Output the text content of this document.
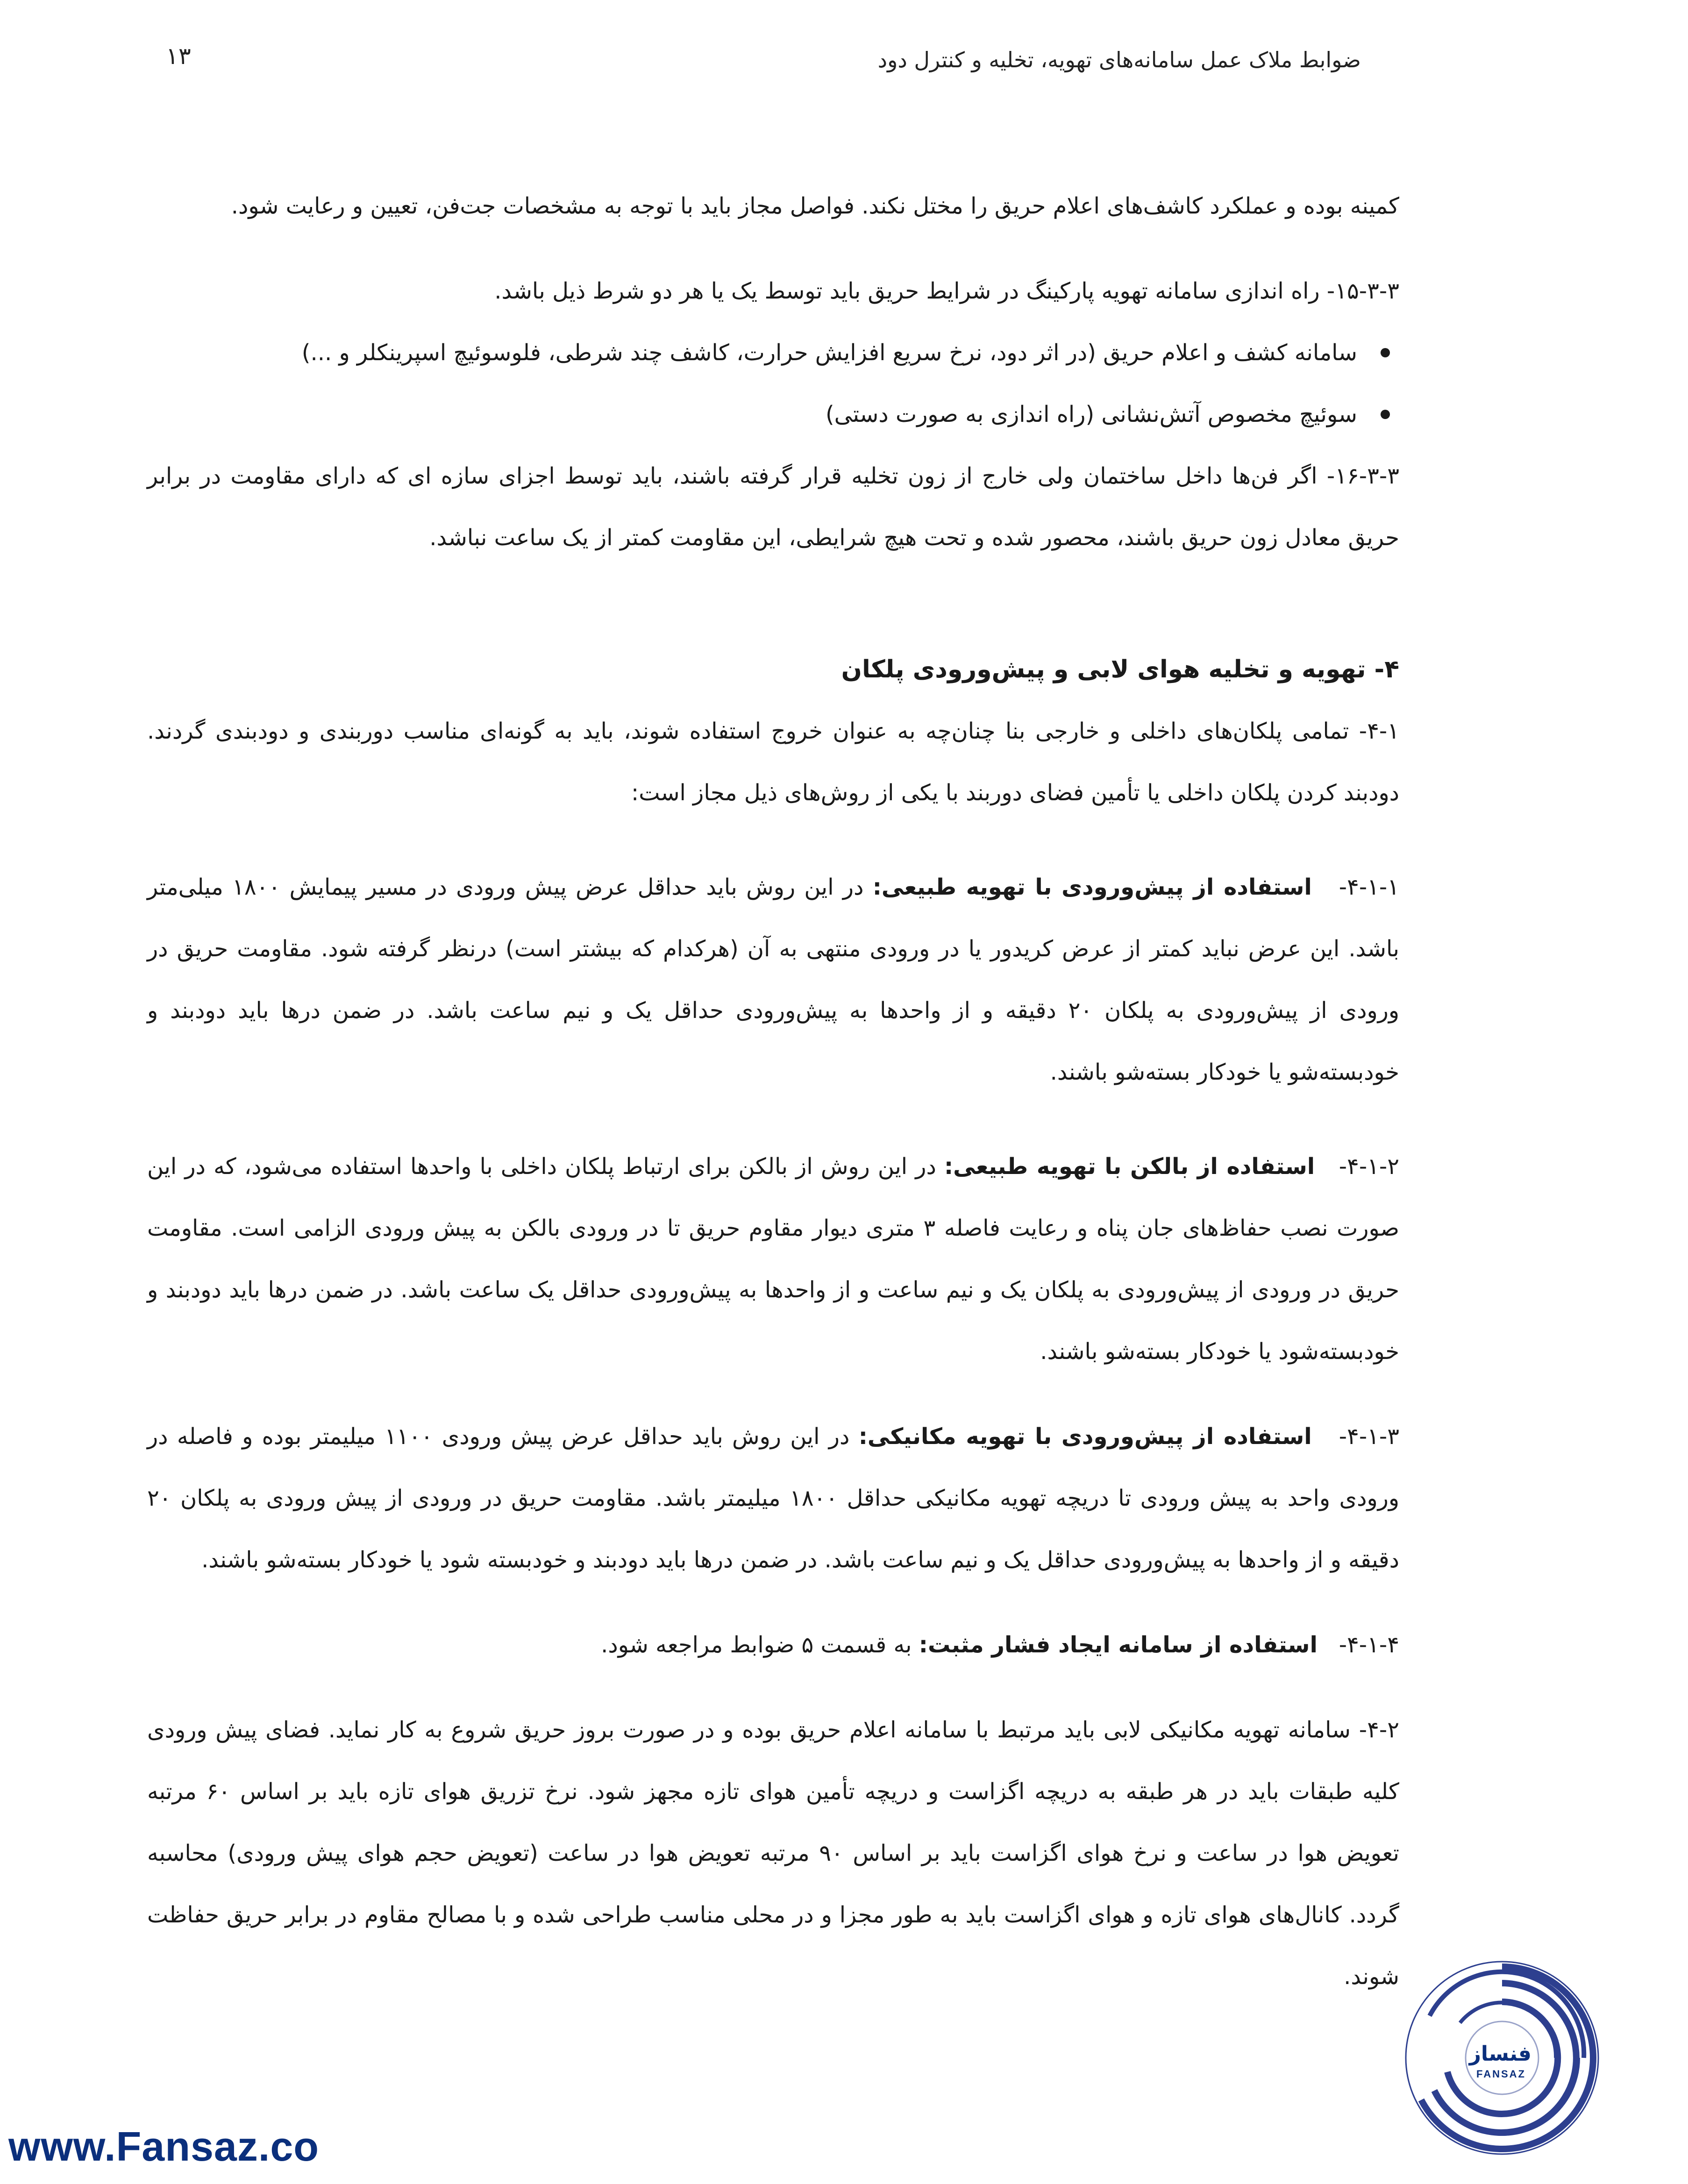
۱۳	ضوابط ملاک عمل سامانه‌های تهویه، تخلیه و کنترل دود

کمینه بوده و عملکرد کاشف‌های اعلام حریق را مختل نکند. فواصل مجاز باید با توجه به مشخصات جت‌فن، تعیین و رعایت شود.

۱۵-۳-۳- راه اندازی سامانه تهویه پارکینگ در شرایط حریق باید توسط یک یا هر دو شرط ذیل باشد.

سامانه کشف و اعلام حریق (در اثر دود، نرخ سریع افزایش حرارت، کاشف چند شرطی، فلوسوئیچ اسپرینکلر و ...)
سوئیچ مخصوص آتش‌نشانی (راه اندازی به صورت دستی)

۱۶-۳-۳- اگر فن‌ها داخل ساختمان ولی خارج از زون تخلیه قرار گرفته باشند، باید توسط اجزای سازه ای که دارای مقاومت در برابر حریق معادل زون حریق باشند، محصور شده و تحت هیچ شرایطی، این مقاومت کمتر از یک ساعت نباشد.

۴- تهویه و تخلیه هوای لابی و پیش‌ورودی پلکان

۴-۱- تمامی پلکان‌های داخلی و خارجی بنا چنان‌چه به عنوان خروج استفاده شوند، باید به گونه‌ای مناسب دوربندی و دودبندی گردند. دودبند کردن پلکان داخلی یا تأمین فضای دوربند با یکی از روش‌های ذیل مجاز است:

۴-۱-۱-   استفاده از پیش‌ورودی با تهویه طبیعی: در این روش باید حداقل عرض پیش ورودی در مسیر پیمایش ۱۸۰۰ میلی‌متر باشد. این عرض نباید کمتر از عرض کریدور یا در ورودی منتهی به آن (هرکدام که بیشتر است) درنظر گرفته شود. مقاومت حریق در ورودی از پیش‌ورودی به پلکان ۲۰ دقیقه و از واحدها به پیش‌ورودی حداقل یک و نیم ساعت باشد. در ضمن درها باید دودبند و خودبسته‌شو یا خودکار بسته‌شو باشند.

۴-۱-۲-   استفاده از بالکن با تهویه طبیعی: در این روش از بالکن برای ارتباط پلکان داخلی با واحدها استفاده می‌شود، که در این صورت نصب حفاظ‌های جان پناه و رعایت فاصله ۳ متری دیوار مقاوم حریق تا در ورودی بالکن به پیش ورودی الزامی است. مقاومت حریق در ورودی از پیش‌ورودی به پلکان یک و نیم ساعت و از واحدها به پیش‌ورودی حداقل یک ساعت باشد. در ضمن درها باید دودبند و خودبسته‌شود یا خودکار بسته‌شو باشند.

۴-۱-۳-   استفاده از پیش‌ورودی با تهویه مکانیکی: در این روش باید حداقل عرض پیش ورودی ۱۱۰۰ میلیمتر بوده و فاصله در ورودی واحد به پیش ورودی تا دریچه تهویه مکانیکی حداقل ۱۸۰۰ میلیمتر باشد. مقاومت حریق در ورودی از پیش ورودی به پلکان ۲۰ دقیقه و از واحدها به پیش‌ورودی حداقل یک و نیم ساعت باشد. در ضمن درها باید دودبند و خودبسته شود یا خودکار بسته‌شو باشند.

۴-۱-۴-   استفاده از سامانه ایجاد فشار مثبت: به قسمت ۵ ضوابط مراجعه شود.

۴-۲- سامانه تهویه مکانیکی لابی باید مرتبط با سامانه اعلام حریق بوده و در صورت بروز حریق شروع به کار نماید. فضای پیش ورودی کلیه طبقات باید در هر طبقه به دریچه اگزاست و دریچه تأمین هوای تازه مجهز شود. نرخ تزریق هوای تازه باید بر اساس ۶۰ مرتبه تعویض هوا در ساعت و نرخ هوای اگزاست باید بر اساس ۹۰ مرتبه تعویض هوا در ساعت (تعویض حجم هوای پیش ورودی) محاسبه گردد. کانال‌های هوای تازه و هوای اگزاست باید به طور مجزا و در محلی مناسب طراحی شده و با مصالح مقاوم در برابر حریق حفاظت شوند.

فنساز
FANSAZ
www.Fansaz.co
